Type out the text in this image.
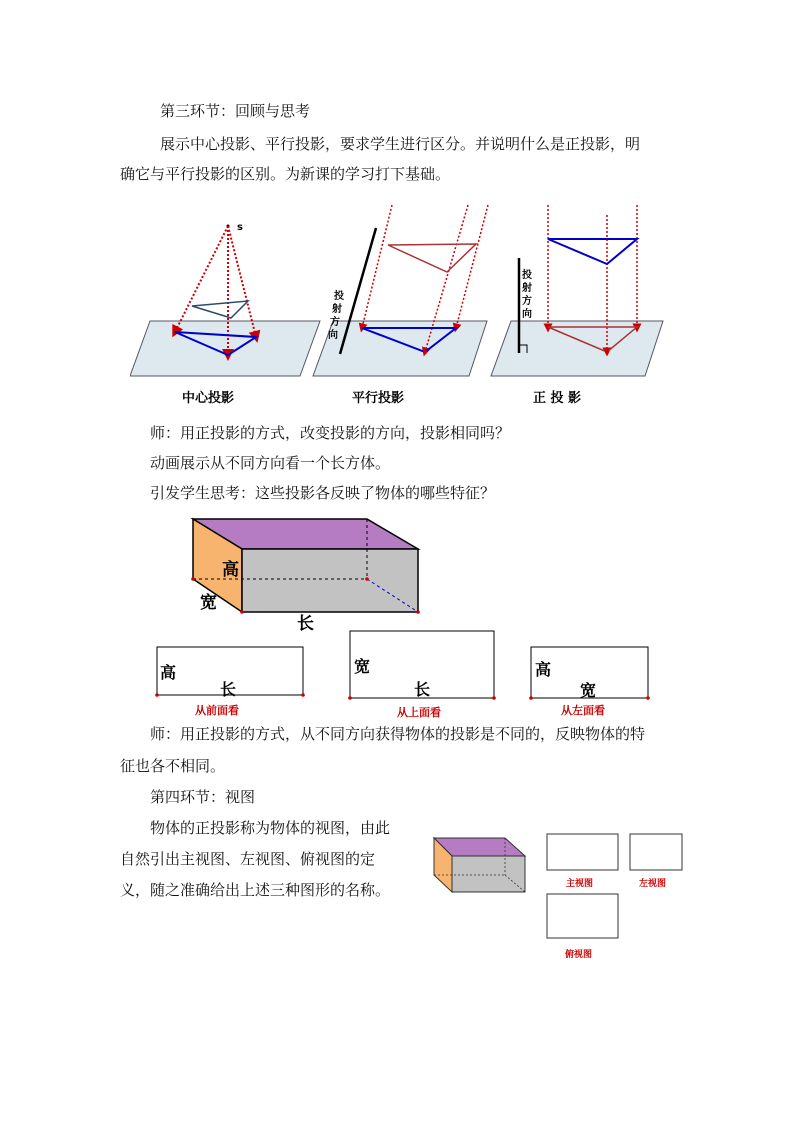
第三环节：回顾与思考
展示中心投影、平行投影，要求学生进行区分。并说明什么是正投影，明
确它与平行投影的区别。为新课的学习打下基础。
s
投
射
方
向
投
射
方
向
中心投影	平行投影	正 投 影
师：用正投影的方式，改变投影的方向，投影相同吗？
动画展示从不同方向看一个长方体。
引发学生思考：这些投影各反映了物体的哪些特征？
高
宽
长
高
长
从前面看
宽
长
从上面看
高
宽
从左面看
师：用正投影的方式，从不同方向获得物体的投影是不同的，反映物体的特
征也各不相同。
第四环节：视图
物体的正投影称为物体的视图，由此
自然引出主视图、左视图、俯视图的定
义，随之准确给出上述三种图形的名称。	主视图	左视图
俯视图
